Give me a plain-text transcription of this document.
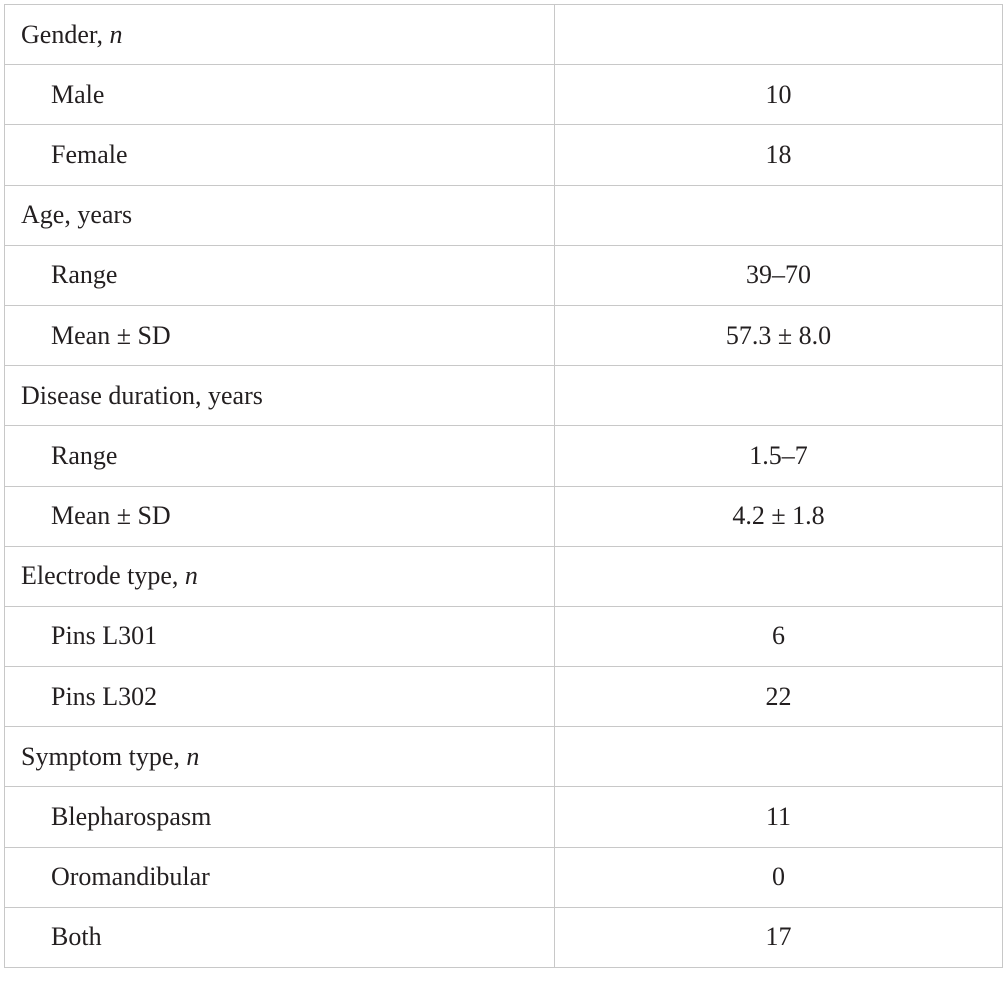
Gender, n	
Male	10
Female	18
Age, years	
Range	39–70
Mean ± SD	57.3 ± 8.0
Disease duration, years	
Range	1.5–7
Mean ± SD	4.2 ± 1.8
Electrode type, n	
Pins L301	6
Pins L302	22
Symptom type, n	
Blepharospasm	11
Oromandibular	0
Both	17
